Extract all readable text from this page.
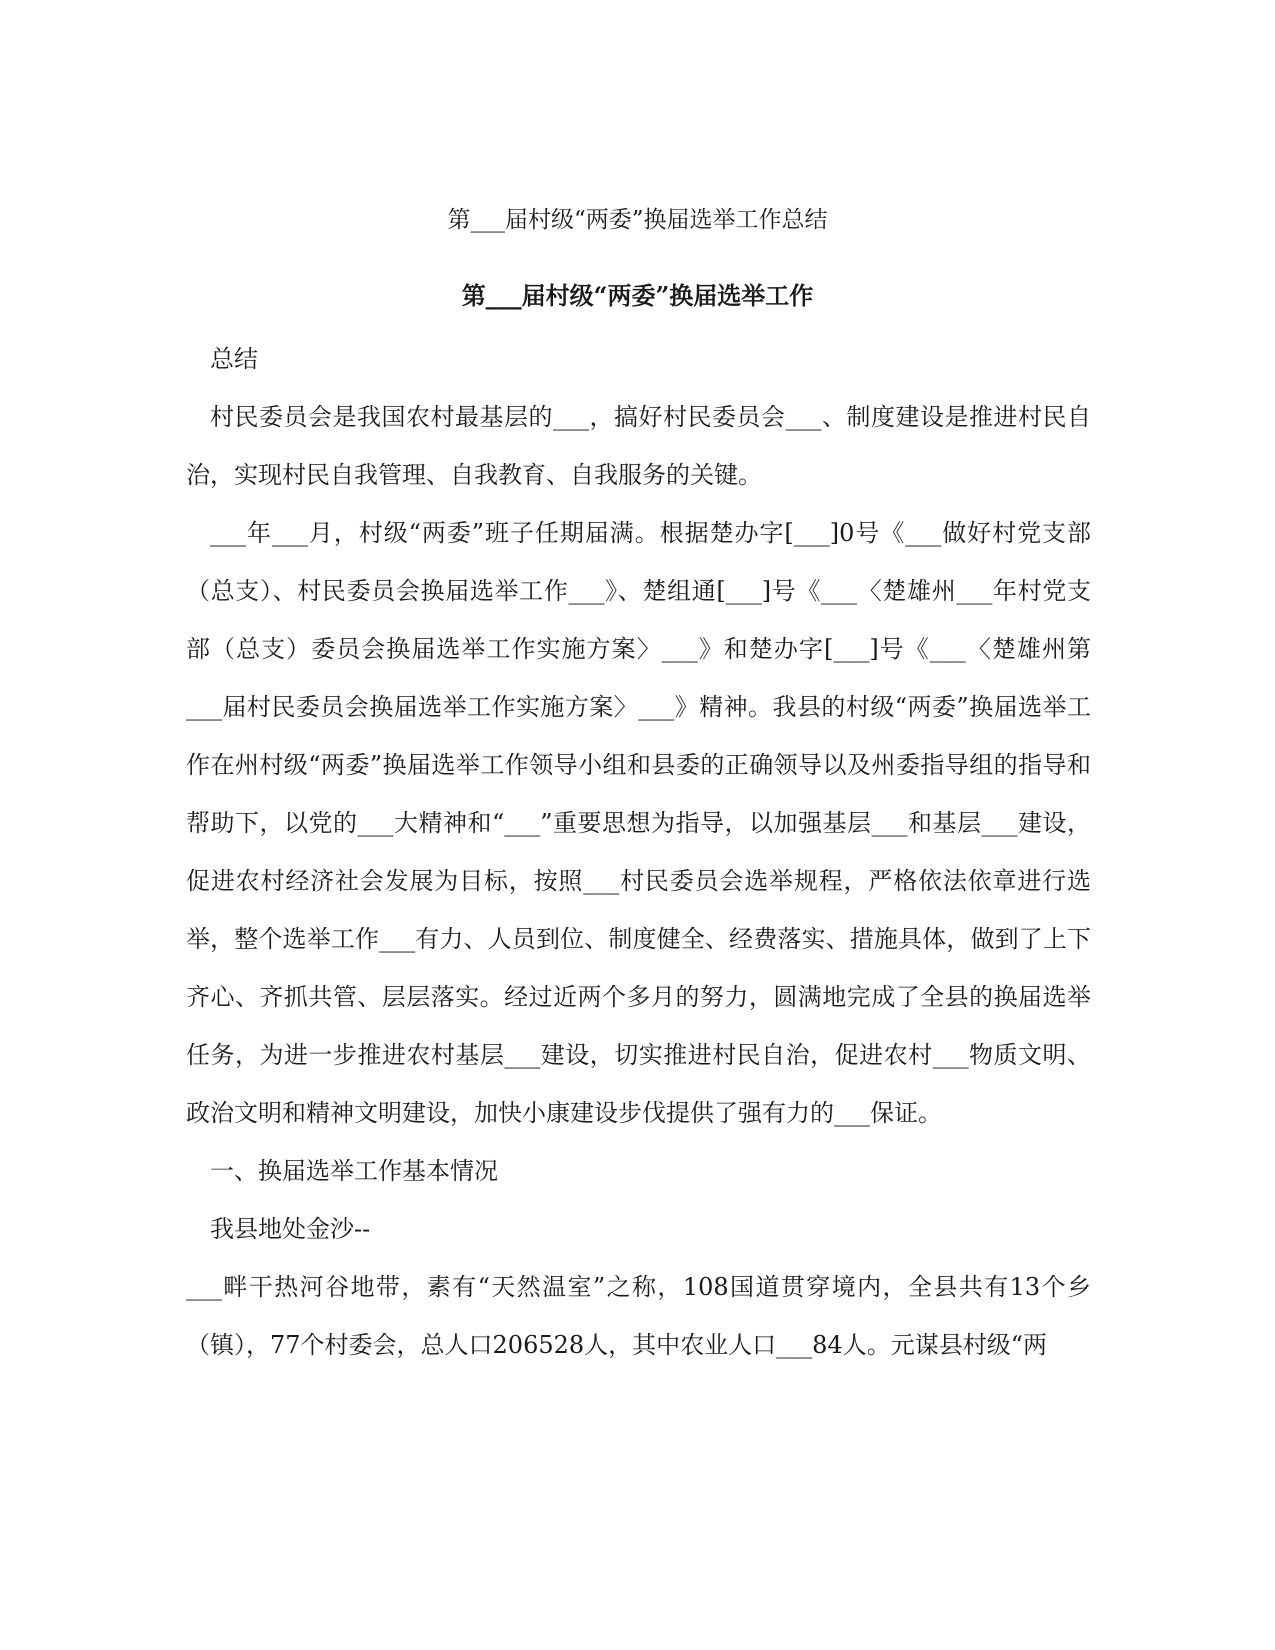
第___届村级“两委”换届选举工作总结
第___届村级“两委”换届选举工作

总结

村民委员会是我国农村最基层的___，搞好村民委员会___、制度建设是推进村民自治，实现村民自我管理、自我教育、自我服务的关键。

___年___月，村级“两委”班子任期届满。根据楚办字[___]0号《___做好村党支部（总支）、村民委员会换届选举工作___》、楚组通[___]号《___〈楚雄州___年村党支部（总支）委员会换届选举工作实施方案〉___》和楚办字[___]号《___〈楚雄州第___届村民委员会换届选举工作实施方案〉___》精神。我县的村级“两委”换届选举工作在州村级“两委”换届选举工作领导小组和县委的正确领导以及州委指导组的指导和帮助下，以党的___大精神和“___”重要思想为指导，以加强基层___和基层___建设，促进农村经济社会发展为目标，按照___村民委员会选举规程，严格依法依章进行选举，整个选举工作___有力、人员到位、制度健全、经费落实、措施具体，做到了上下齐心、齐抓共管、层层落实。经过近两个多月的努力，圆满地完成了全县的换届选举任务，为进一步推进农村基层___建设，切实推进村民自治，促进农村___物质文明、政治文明和精神文明建设，加快小康建设步伐提供了强有力的___保证。

一、换届选举工作基本情况

我县地处金沙--

___畔干热河谷地带，素有“天然温室”之称，108国道贯穿境内，全县共有13个乡（镇），77个村委会，总人口206528人，其中农业人口___84人。元谋县村级“两
